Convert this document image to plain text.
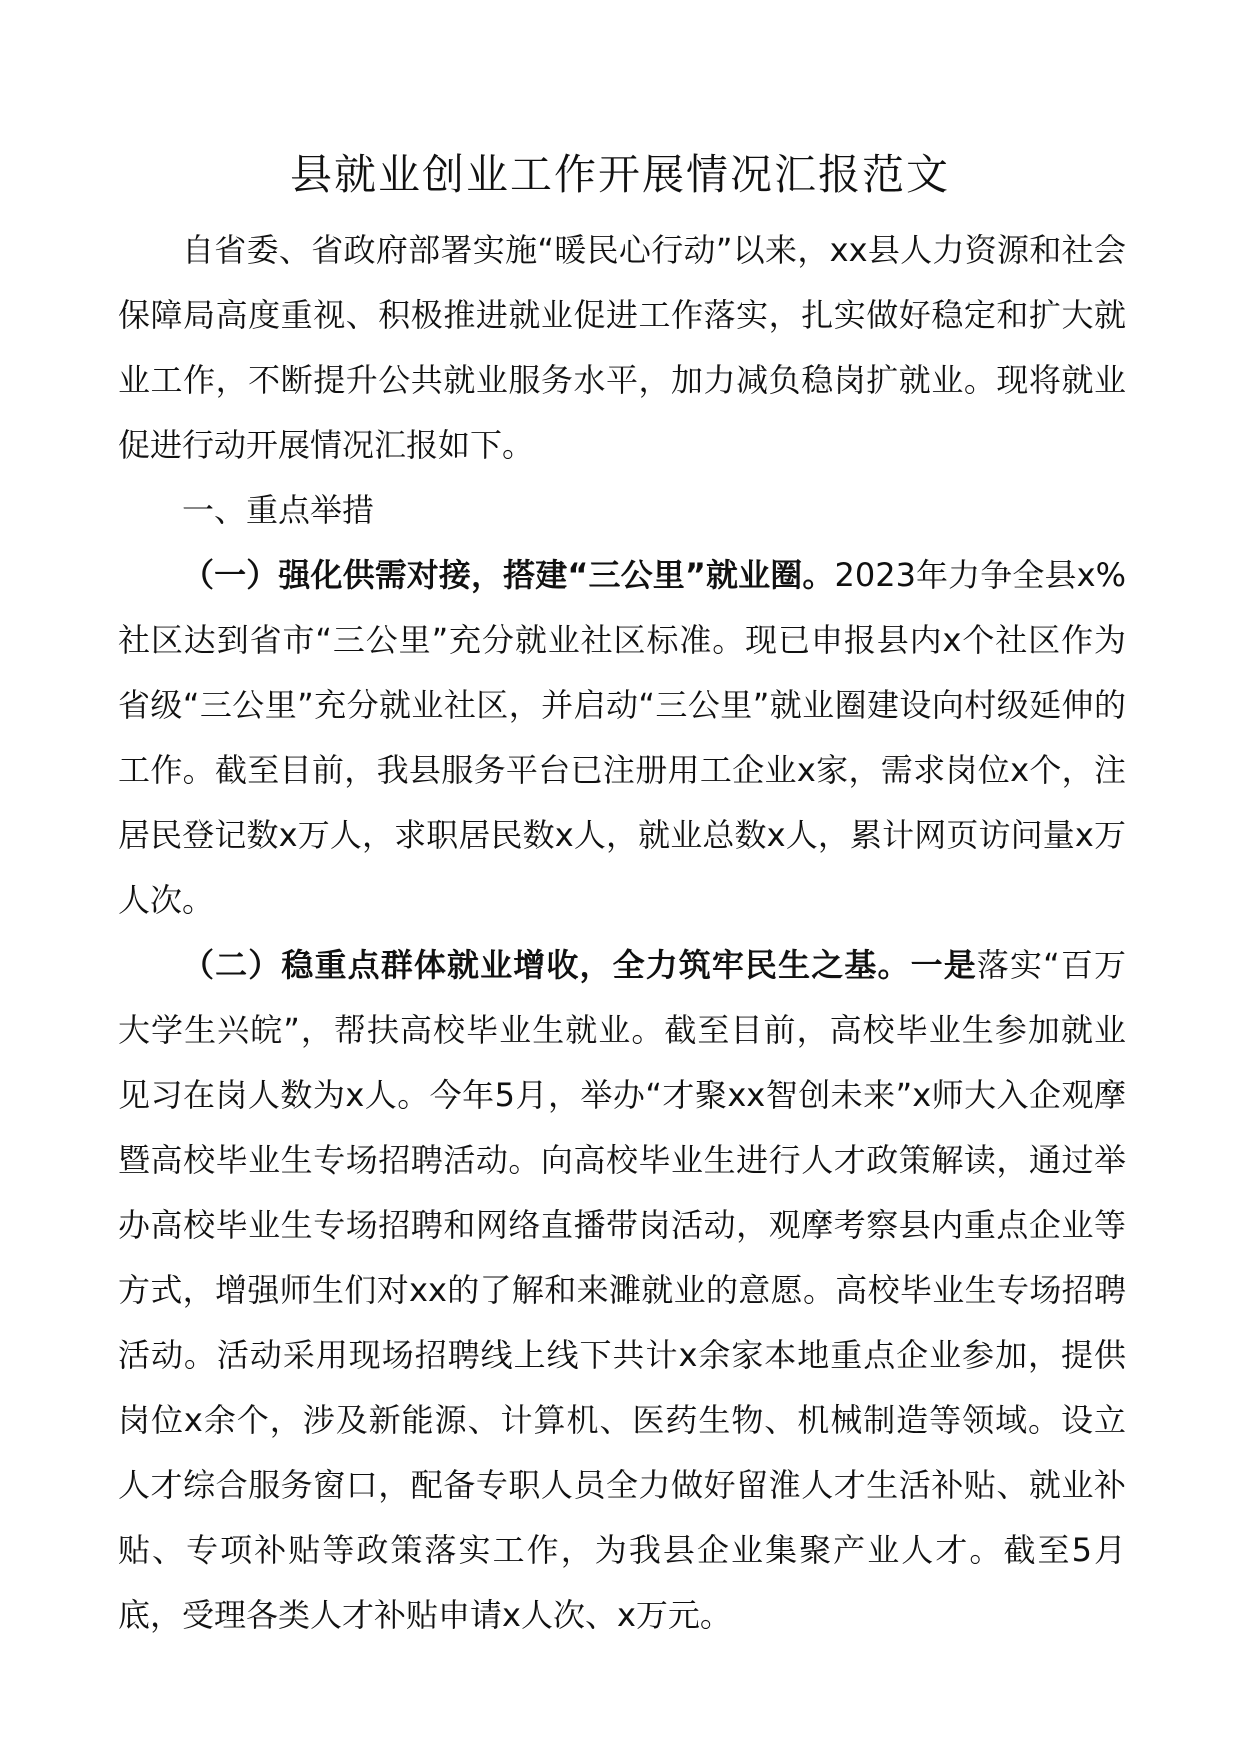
县就业创业工作开展情况汇报范文

自省委、省政府部署实施“暖民心行动”以来，xx县人力资源和社会保障局高度重视、积极推进就业促进工作落实，扎实做好稳定和扩大就业工作，不断提升公共就业服务水平，加力减负稳岗扩就业。现将就业促进行动开展情况汇报如下。

一、重点举措

（一）强化供需对接，搭建“三公里”就业圈。2023年力争全县x%社区达到省市“三公里”充分就业社区标准。现已申报县内x个社区作为省级“三公里”充分就业社区，并启动“三公里”就业圈建设向村级延伸的工作。截至目前，我县服务平台已注册用工企业x家，需求岗位x个，注居民登记数x万人，求职居民数x人，就业总数x人，累计网页访问量x万人次。

（二）稳重点群体就业增收，全力筑牢民生之基。一是落实“百万大学生兴皖”，帮扶高校毕业生就业。截至目前，高校毕业生参加就业见习在岗人数为x人。今年5月，举办“才聚xx智创未来”x师大入企观摩暨高校毕业生专场招聘活动。向高校毕业生进行人才政策解读，通过举办高校毕业生专场招聘和网络直播带岗活动，观摩考察县内重点企业等方式，增强师生们对xx的了解和来濉就业的意愿。高校毕业生专场招聘活动。活动采用现场招聘线上线下共计x余家本地重点企业参加，提供岗位x余个，涉及新能源、计算机、医药生物、机械制造等领域。设立人才综合服务窗口，配备专职人员全力做好留淮人才生活补贴、就业补贴、专项补贴等政策落实工作，为我县企业集聚产业人才。截至5月底，受理各类人才补贴申请x人次、x万元。
